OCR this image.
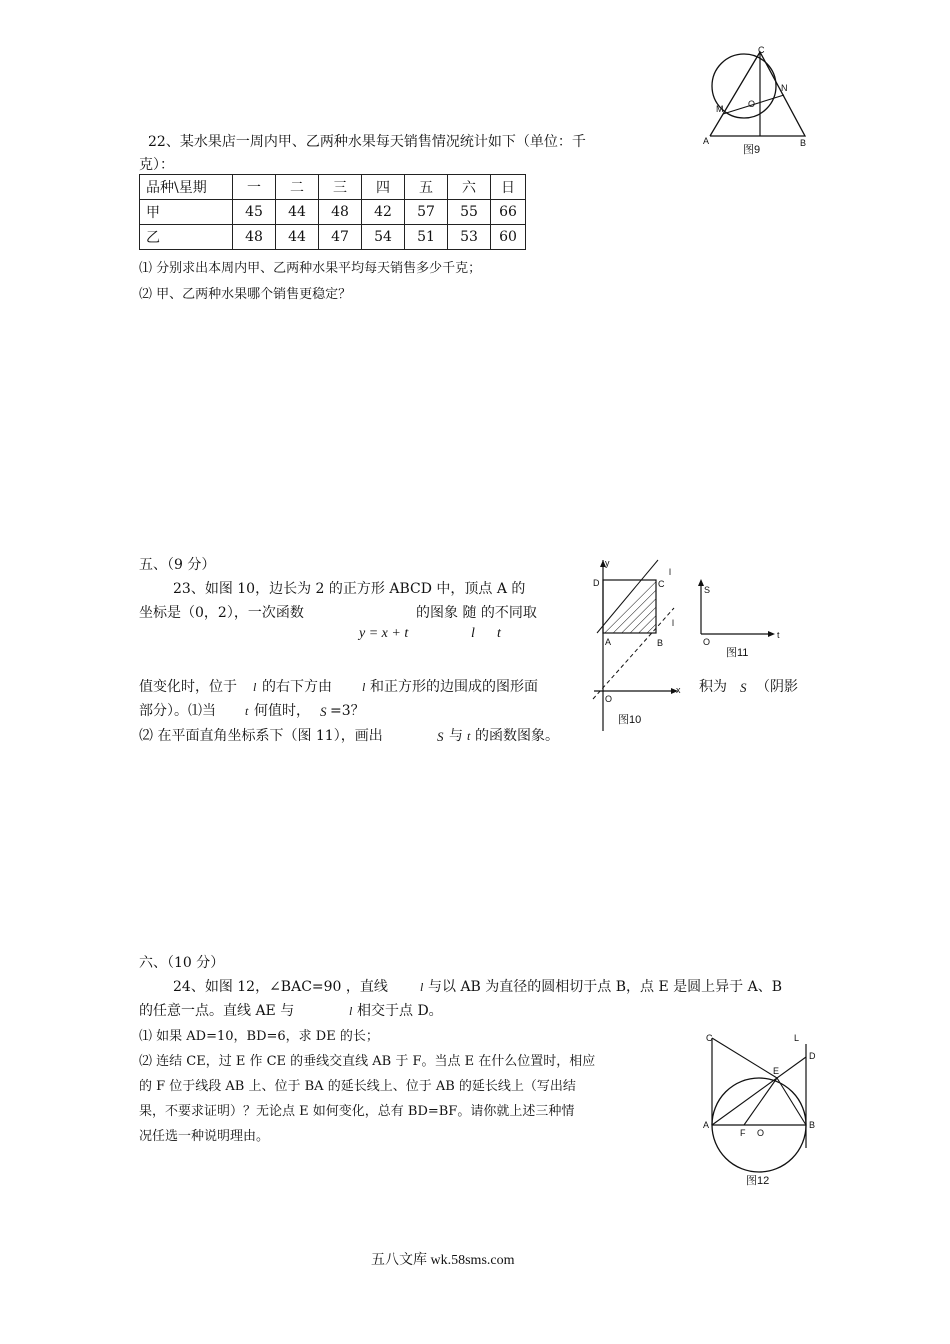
C
N
M	O
A	B
图9
22、某水果店一周内甲、乙两种水果每天销售情况统计如下（单位：千
克）：
品种\星期	一	二	三	四	五	六	日
甲	45	44	48	42	57	55	66
乙	48	44	47	54	51	53	60
⑴ 分别求出本周内甲、乙两种水果平均每天销售多少千克；
⑵ 甲、乙两种水果哪个销售更稳定？
五、（9 分）
23、如图 10，边长为 2 的正方形 ABCD 中，顶点 A 的
坐标是（0，2），一次函数	的图象 随 的不同取
y = x + t	l t
值变化时，位于 l 的右下方由	l 和正方形的边围成的图形面	积为 S （阴影
部分）。⑴当 t 何值时， S =3？
⑵ 在平面直角坐标系下（图 11），画出	S 与 t 的函数图象。
y
D	C
A	B
O
x
l
l
图10
S
O
t
图11
六、（10 分）
24、如图 12，∠BAC=90 ，直线	l 与以 AB 为直径的圆相切于点 B，点 E 是圆上异于 A、B
的任意一点。直线 AE 与	l 相交于点 D。
⑴ 如果 AD=10，BD=6，求 DE 的长；
⑵ 连结 CE，过 E 作 CE 的垂线交直线 AB 于 F。当点 E 在什么位置时，相应
的 F 位于线段 AB 上、位于 BA 的延长线上、位于 AB 的延长线上（写出结
果，不要求证明）？无论点 E 如何变化，总有 BD=BF。请你就上述三种情
况任选一种说明理由。
C	L
D
E
A	B
F O
图12
五八文库 wk.58sms.com
